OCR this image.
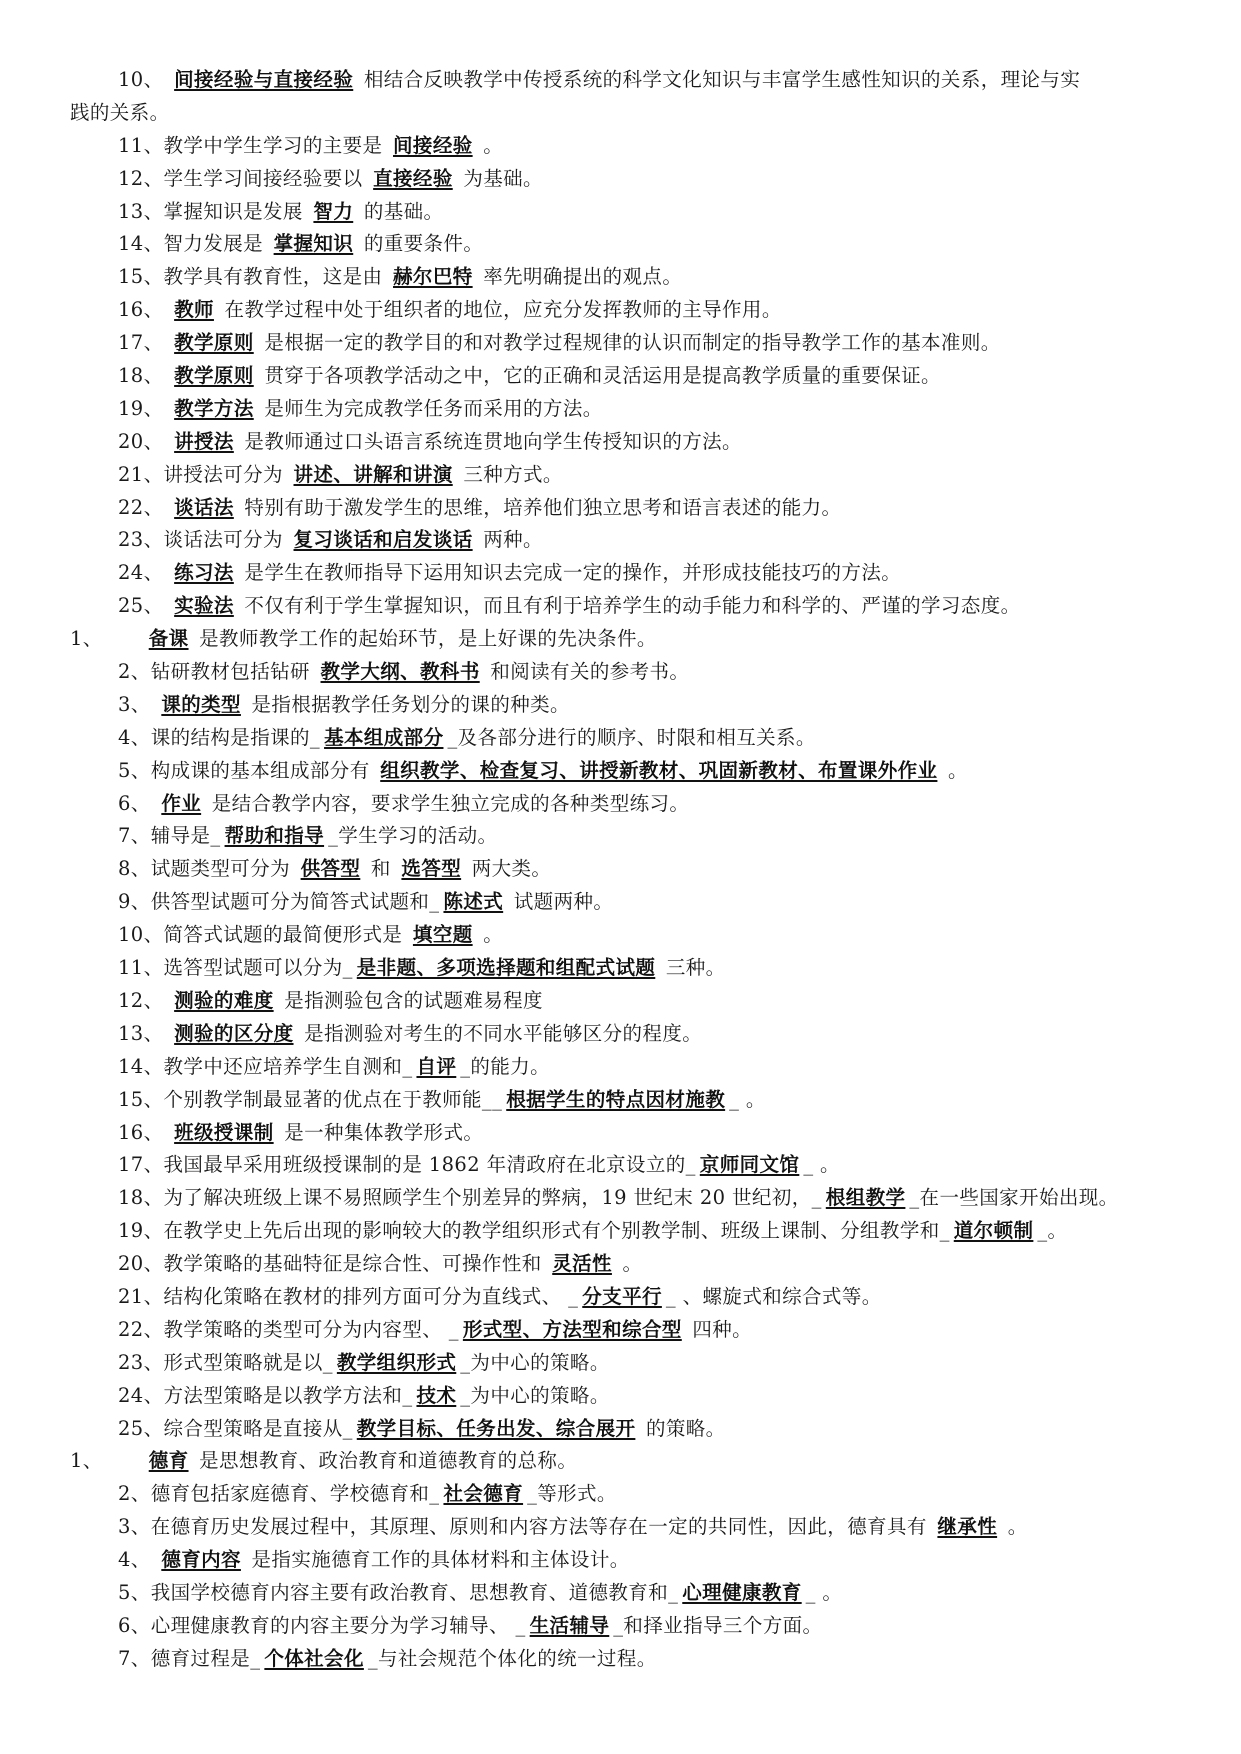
10、 间接经验与直接经验 相结合反映教学中传授系统的科学文化知识与丰富学生感性知识的关系，理论与实
践的关系。
11、教学中学生学习的主要是 间接经验 。
12、学生学习间接经验要以 直接经验 为基础。
13、掌握知识是发展 智力 的基础。
14、智力发展是 掌握知识 的重要条件。
15、教学具有教育性，这是由 赫尔巴特 率先明确提出的观点。
16、 教师 在教学过程中处于组织者的地位，应充分发挥教师的主导作用。
17、 教学原则 是根据一定的教学目的和对教学过程规律的认识而制定的指导教学工作的基本准则。
18、 教学原则 贯穿于各项教学活动之中，它的正确和灵活运用是提高教学质量的重要保证。
19、 教学方法 是师生为完成教学任务而采用的方法。
20、 讲授法 是教师通过口头语言系统连贯地向学生传授知识的方法。
21、讲授法可分为 讲述、讲解和讲演 三种方式。
22、 谈话法 特别有助于激发学生的思维，培养他们独立思考和语言表述的能力。
23、谈话法可分为 复习谈话和启发谈话 两种。
24、 练习法 是学生在教师指导下运用知识去完成一定的操作，并形成技能技巧的方法。
25、 实验法 不仅有利于学生掌握知识，而且有利于培养学生的动手能力和科学的、严谨的学习态度。
1、 备课 是教师教学工作的起始环节，是上好课的先决条件。
2、钻研教材包括钻研 教学大纲、教科书 和阅读有关的参考书。
3、 课的类型 是指根据教学任务划分的课的种类。
4、课的结构是指课的_ 基本组成部分 _及各部分进行的顺序、时限和相互关系。
5、构成课的基本组成部分有 组织教学、检查复习、讲授新教材、巩固新教材、布置课外作业 。
6、 作业 是结合教学内容，要求学生独立完成的各种类型练习。
7、辅导是_ 帮助和指导 _学生学习的活动。
8、试题类型可分为 供答型 和 选答型 两大类。
9、供答型试题可分为简答式试题和_ 陈述式 试题两种。
10、简答式试题的最简便形式是 填空题 。
11、选答型试题可以分为_ 是非题、多项选择题和组配式试题 三种。
12、 测验的难度 是指测验包含的试题难易程度
13、 测验的区分度 是指测验对考生的不同水平能够区分的程度。
14、教学中还应培养学生自测和_ 自评 _的能力。
15、个别教学制最显著的优点在于教师能__ 根据学生的特点因材施教 _ 。
16、 班级授课制 是一种集体教学形式。
17、我国最早采用班级授课制的是 1862 年清政府在北京设立的_ 京师同文馆 _ 。
18、为了解决班级上课不易照顾学生个别差异的弊病，19 世纪末 20 世纪初，_ 根组教学 _在一些国家开始出现。
19、在教学史上先后出现的影响较大的教学组织形式有个别教学制、班级上课制、分组教学和_ 道尔顿制 _。
20、教学策略的基础特征是综合性、可操作性和 灵活性 。
21、结构化策略在教材的排列方面可分为直线式、 _ 分支平行 _ 、螺旋式和综合式等。
22、教学策略的类型可分为内容型、 _ 形式型、方法型和综合型 四种。
23、形式型策略就是以_ 教学组织形式 _为中心的策略。
24、方法型策略是以教学方法和_ 技术 _为中心的策略。
25、综合型策略是直接从_ 教学目标、任务出发、综合展开 的策略。
1、 德育 是思想教育、政治教育和道德教育的总称。
2、德育包括家庭德育、学校德育和_ 社会德育 _等形式。
3、在德育历史发展过程中，其原理、原则和内容方法等存在一定的共同性，因此，德育具有 继承性 。
4、 德育内容 是指实施德育工作的具体材料和主体设计。
5、我国学校德育内容主要有政治教育、思想教育、道德教育和_ 心理健康教育 _ 。
6、心理健康教育的内容主要分为学习辅导、 _ 生活辅导 _和择业指导三个方面。
7、德育过程是_ 个体社会化 _与社会规范个体化的统一过程。
